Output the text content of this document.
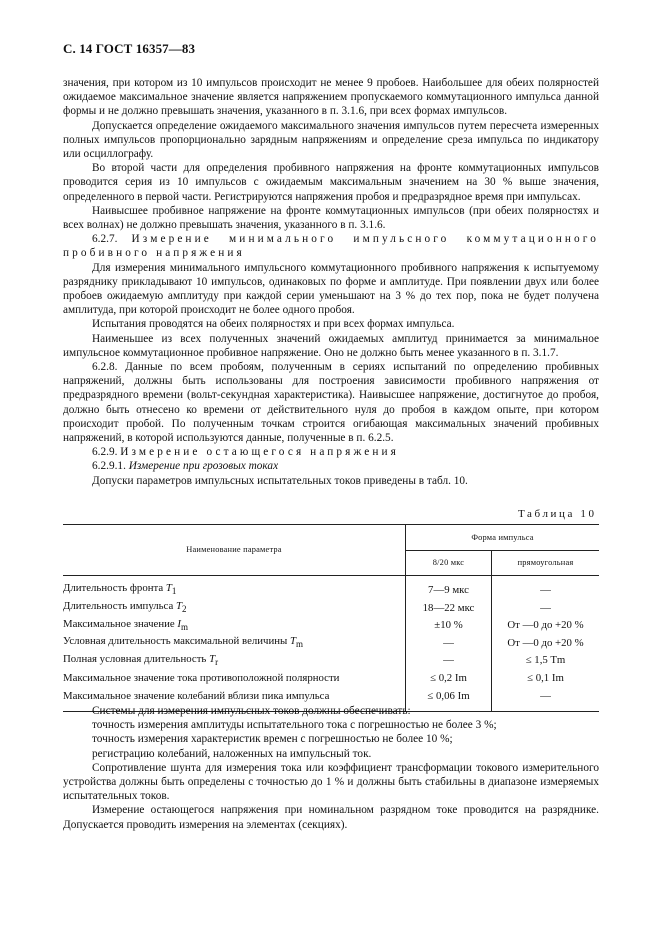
С. 14 ГОСТ 16357—83

значения, при котором из 10 импульсов происходит не менее 9 пробоев. Наибольшее для обеих полярностей ожидаемое максимальное значение является напряжением пропускаемого коммутационного импульса данной формы и не должно превышать значения, указанного в п. 3.1.6, при всех формах импульсов.

Допускается определение ожидаемого максимального значения импульсов путем пересчета измеренных полных импульсов пропорционально зарядным напряжениям и определение среза импульса по индикатору или осциллографу.

Во второй части для определения пробивного напряжения на фронте коммутационных импульсов проводится серия из 10 импульсов с ожидаемым максимальным значением на 30 % выше значения, определенного в первой части. Регистрируются напряжения пробоя и предразрядное время при импульсах.

Наивысшее пробивное напряжение на фронте коммутационных импульсов (при обеих полярностях и всех волнах) не должно превышать значения, указанного в п. 3.1.6.

6.2.7. Измерение минимального импульсного коммутационного пробивного напряжения

Для измерения минимального импульсного коммутационного пробивного напряжения к испытуемому разряднику прикладывают 10 импульсов, одинаковых по форме и амплитуде. При появлении двух или более пробоев ожидаемую амплитуду при каждой серии уменьшают на 3 % до тех пор, пока не будет получена амплитуда, при которой происходит не более одного пробоя.

Испытания проводятся на обеих полярностях и при всех формах импульса.

Наименьшее из всех полученных значений ожидаемых амплитуд принимается за минимальное импульсное коммутационное пробивное напряжение. Оно не должно быть менее указанного в п. 3.1.7.

6.2.8. Данные по всем пробоям, полученным в сериях испытаний по определению пробивных напряжений, должны быть использованы для построения зависимости пробивного напряжения от предразрядного времени (вольт-секундная характеристика). Наивысшее напряжение, достигнутое до пробоя, должно быть отнесено ко времени от действительного нуля до пробоя в каждом опыте, при котором происходит пробой. По полученным точкам строится огибающая максимальных значений пробивных напряжений, в которой используются данные, полученные в п. 6.2.5.

6.2.9. Измерение остающегося напряжения

6.2.9.1. Измерение при грозовых токах

Допуски параметров импульсных испытательных токов приведены в табл. 10.

Таблица 10
Наименование параметра	Форма импульса	
	8/20 мкс	прямоугольная
Длительность фронта $T_1$	7—9 мкс	—
Длительность импульса $T_2$	18—22 мкс	—
Максимальное значение $I_m$	±10 %	От —0 до +20 %
Условная длительность максимальной величины $T_m$	—	От —0 до +20 %
Полная условная длительность $T_r$	—	≤ 1,5 Tm
Максимальное значение тока противоположной полярности	≤ 0,2 Im	≤ 0,1 Im
Максимальное значение колебаний вблизи пика импульса	≤ 0,06 Im	—

Системы для измерения импульсных токов должны обеспечивать:

точность измерения амплитуды испытательного тока с погрешностью не более 3 %;

точность измерения характеристик времен с погрешностью не более 10 %;

регистрацию колебаний, наложенных на импульсный ток.

Сопротивление шунта для измерения тока или коэффициент трансформации токового измерительного устройства должны быть определены с точностью до 1 % и должны быть стабильны в диапазоне измеряемых испытательных токов.

Измерение остающегося напряжения при номинальном разрядном токе проводится на разряднике. Допускается проводить измерения на элементах (секциях).
